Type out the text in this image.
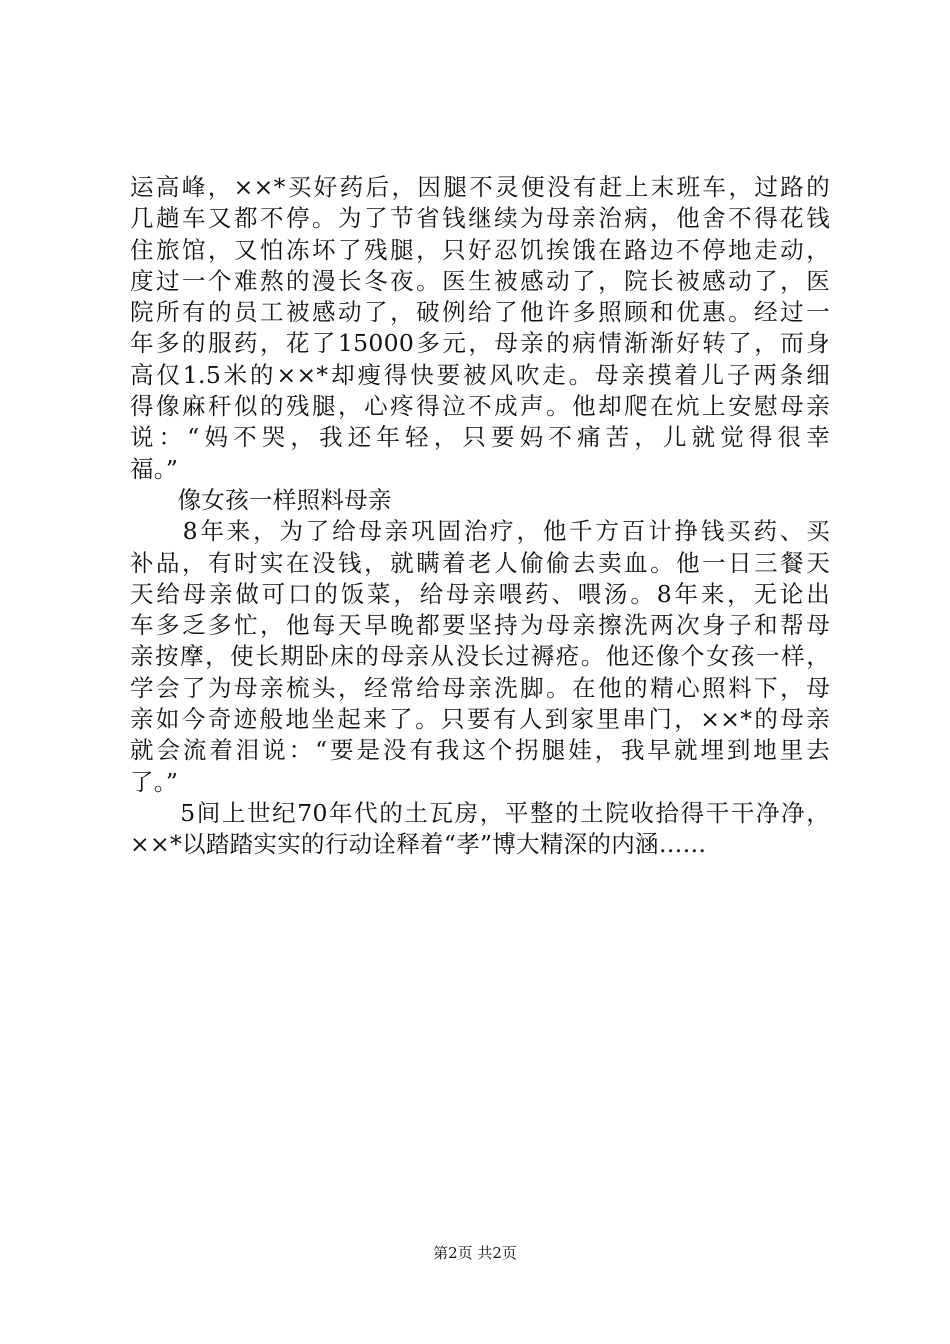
运高峰，××*买好药后，因腿不灵便没有赶上末班车，过路的
几趟车又都不停。为了节省钱继续为母亲治病，他舍不得花钱
住旅馆，又怕冻坏了残腿，只好忍饥挨饿在路边不停地走动，
度过一个难熬的漫长冬夜。医生被感动了，院长被感动了，医
院所有的员工被感动了，破例给了他许多照顾和优惠。经过一
年多的服药，花了15000多元，母亲的病情渐渐好转了，而身
高仅1.5米的××*却瘦得快要被风吹走。母亲摸着儿子两条细
得像麻秆似的残腿，心疼得泣不成声。他却爬在炕上安慰母亲
说：“妈不哭，我还年轻，只要妈不痛苦，儿就觉得很幸
福。”
　　像女孩一样照料母亲
　　8年来，为了给母亲巩固治疗，他千方百计挣钱买药、买
补品，有时实在没钱，就瞒着老人偷偷去卖血。他一日三餐天
天给母亲做可口的饭菜，给母亲喂药、喂汤。8年来，无论出
车多乏多忙，他每天早晚都要坚持为母亲擦洗两次身子和帮母
亲按摩，使长期卧床的母亲从没长过褥疮。他还像个女孩一样，
学会了为母亲梳头，经常给母亲洗脚。在他的精心照料下，母
亲如今奇迹般地坐起来了。只要有人到家里串门，××*的母亲
就会流着泪说：“要是没有我这个拐腿娃，我早就埋到地里去
了。”
　　5间上世纪70年代的土瓦房，平整的土院收拾得干干净净，
××*以踏踏实实的行动诠释着“孝”博大精深的内涵……
第2页 共2页
